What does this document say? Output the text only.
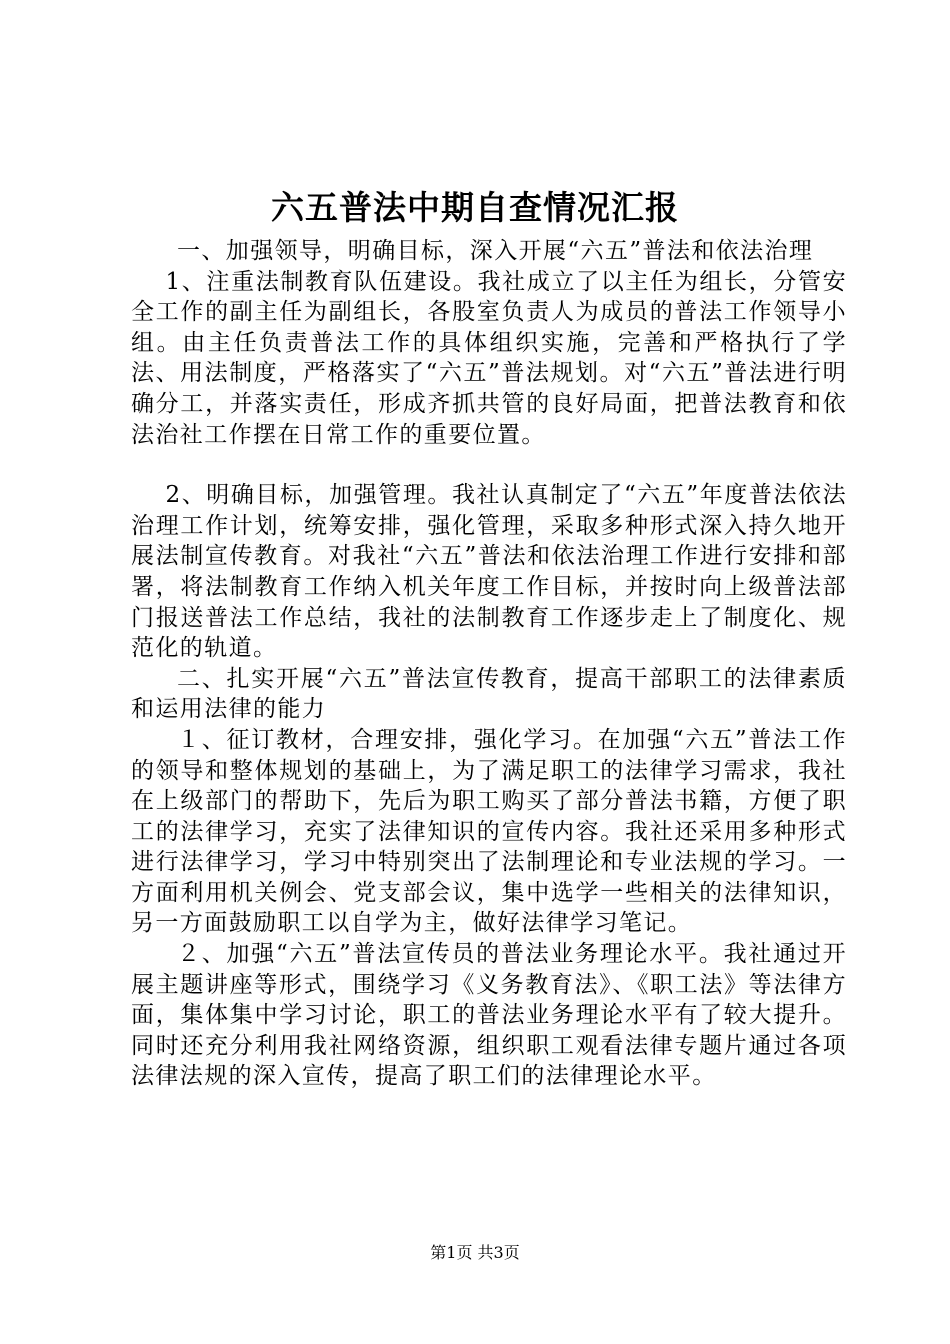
六五普法中期自查情况汇报

一、加强领导，明确目标，深入开展“六五”普法和依法治理

1、注重法制教育队伍建设。我社成立了以主任为组长，分管安全工作的副主任为副组长，各股室负责人为成员的普法工作领导小组。由主任负责普法工作的具体组织实施，完善和严格执行了学法、用法制度，严格落实了“六五”普法规划。对“六五”普法进行明确分工，并落实责任，形成齐抓共管的良好局面，把普法教育和依法治社工作摆在日常工作的重要位置。

2、明确目标，加强管理。我社认真制定了“六五”年度普法依法治理工作计划，统筹安排，强化管理，采取多种形式深入持久地开展法制宣传教育。对我社“六五”普法和依法治理工作进行安排和部署，将法制教育工作纳入机关年度工作目标，并按时向上级普法部门报送普法工作总结，我社的法制教育工作逐步走上了制度化、规范化的轨道。

二、扎实开展“六五”普法宣传教育，提高干部职工的法律素质和运用法律的能力

１、征订教材，合理安排，强化学习。在加强“六五”普法工作的领导和整体规划的基础上，为了满足职工的法律学习需求，我社在上级部门的帮助下，先后为职工购买了部分普法书籍，方便了职工的法律学习，充实了法律知识的宣传内容。我社还采用多种形式进行法律学习，学习中特别突出了法制理论和专业法规的学习。一方面利用机关例会、党支部会议，集中选学一些相关的法律知识，另一方面鼓励职工以自学为主，做好法律学习笔记。

２、加强“六五”普法宣传员的普法业务理论水平。我社通过开展主题讲座等形式，围绕学习《义务教育法》、《职工法》等法律方面，集体集中学习讨论，职工的普法业务理论水平有了较大提升。同时还充分利用我社网络资源，组织职工观看法律专题片通过各项法律法规的深入宣传，提高了职工们的法律理论水平。

第1页 共3页
